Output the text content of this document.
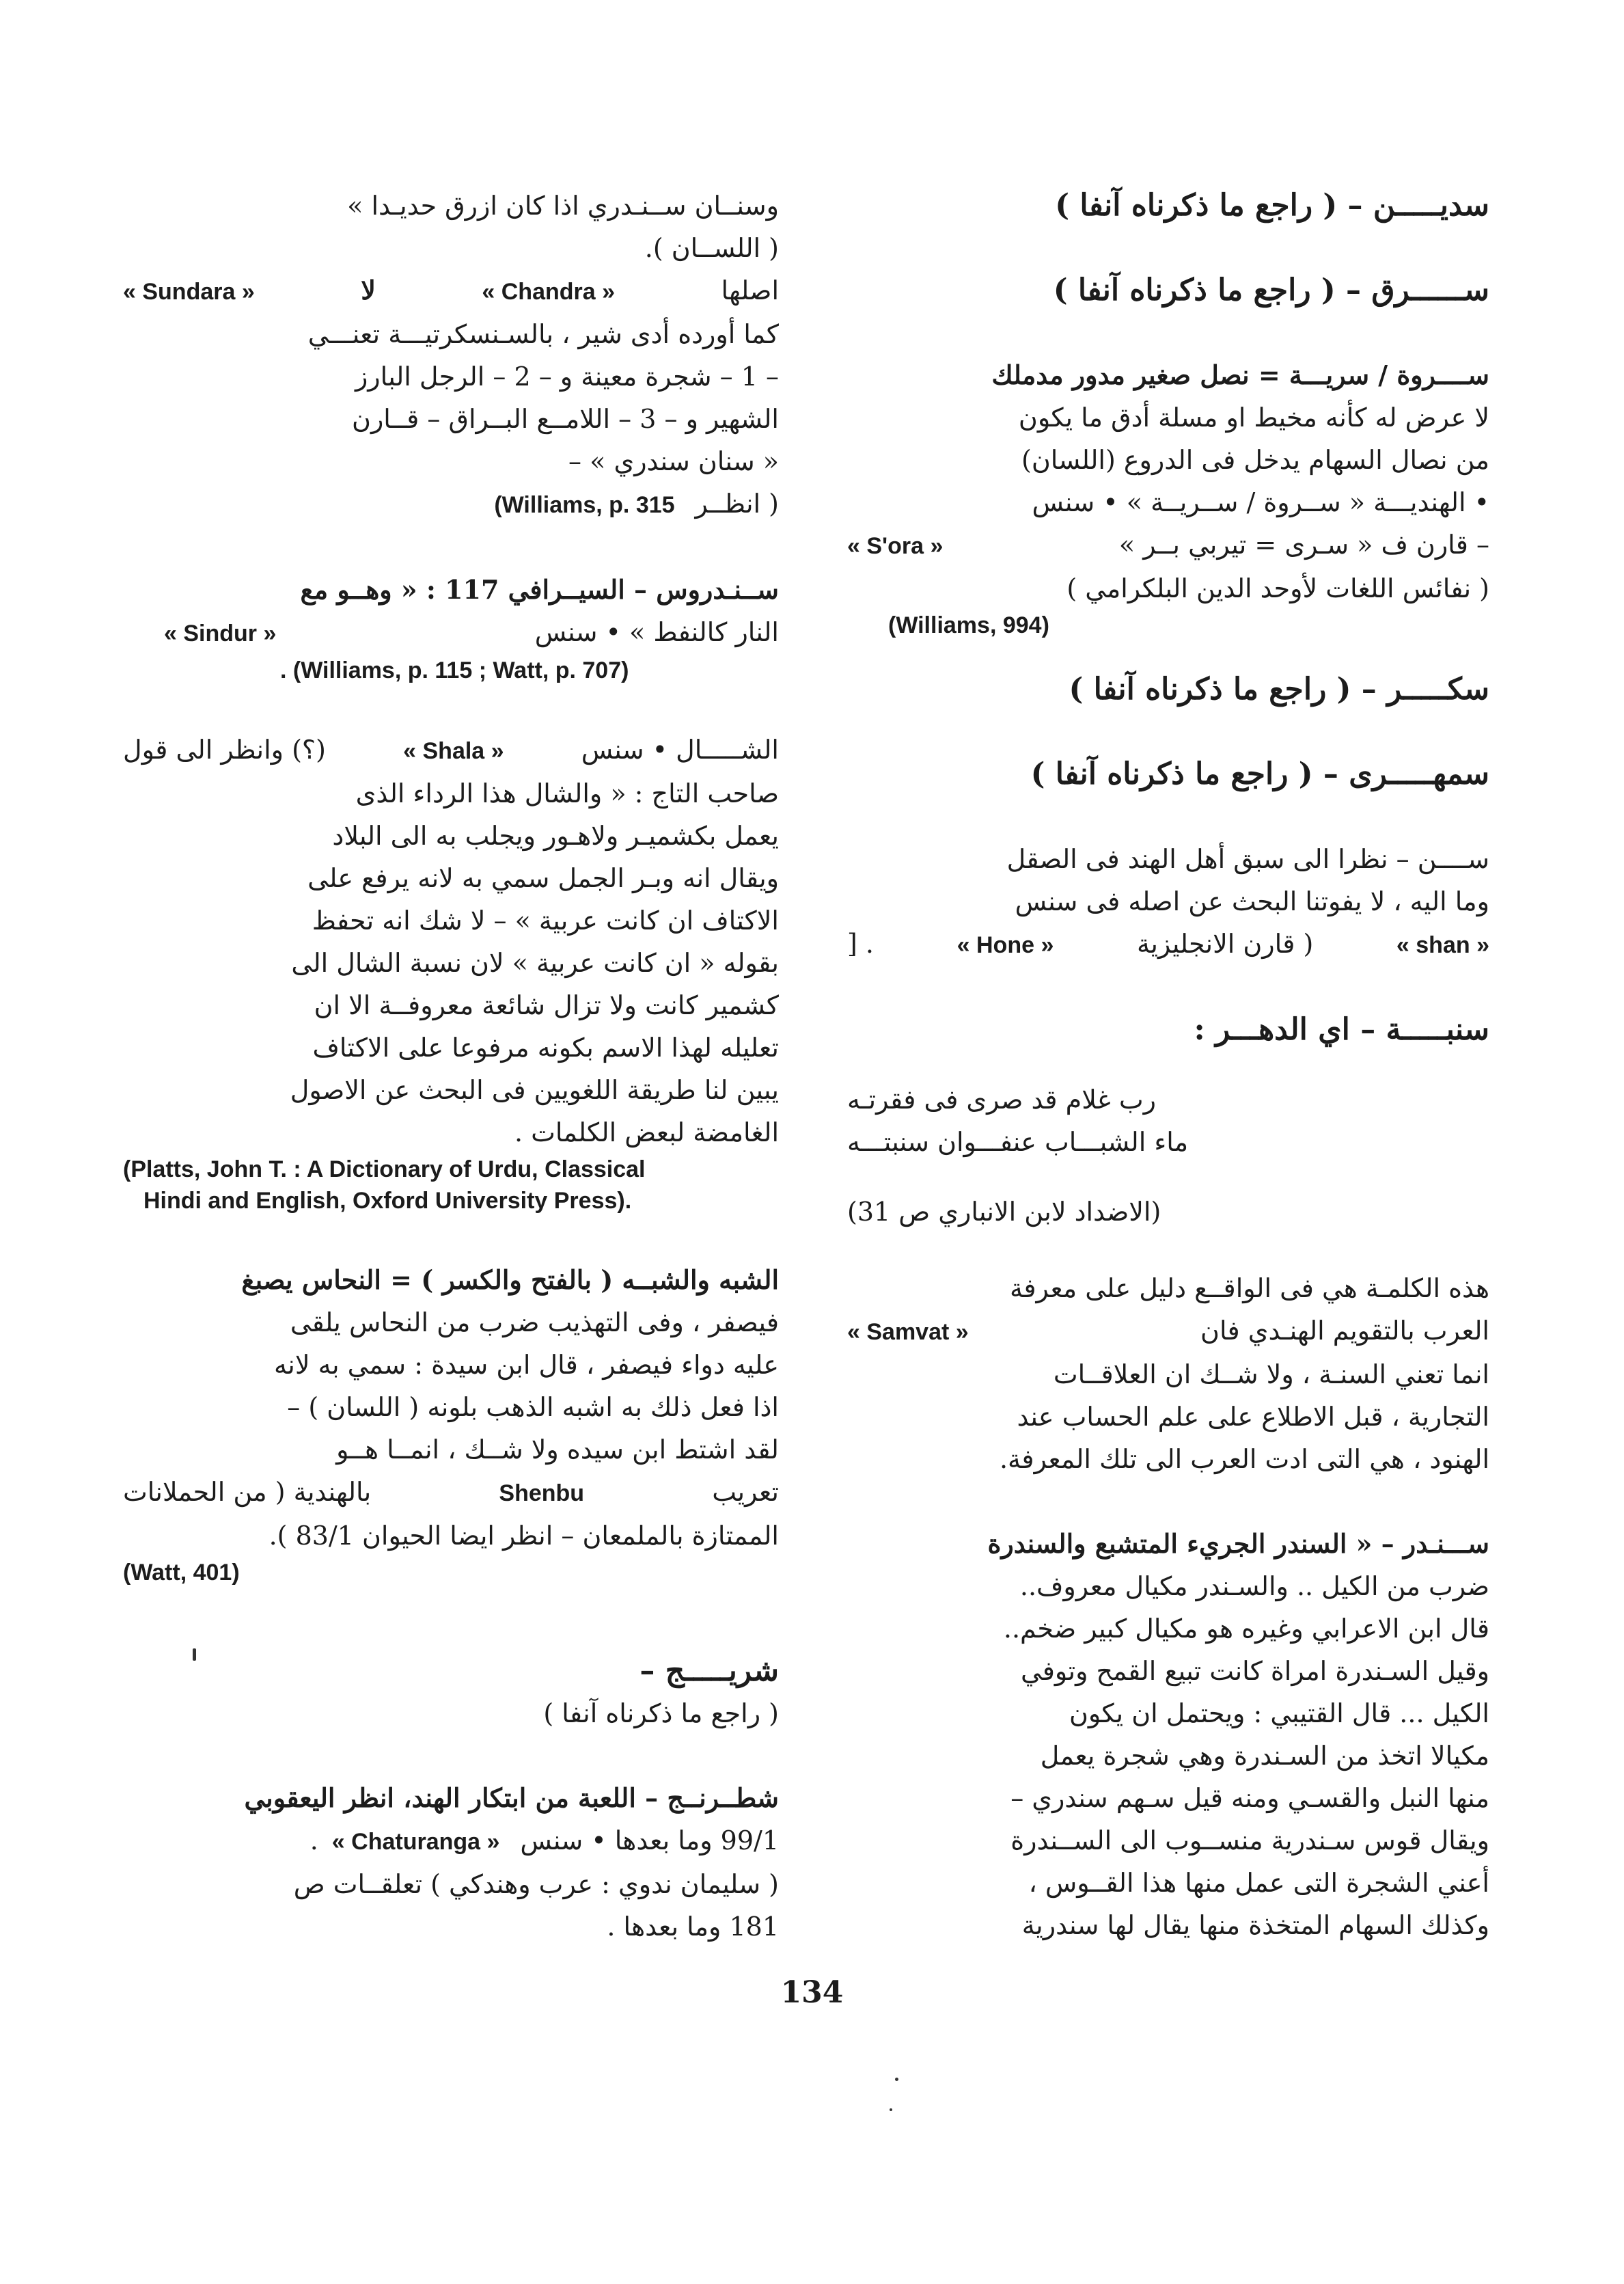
سديـــــن – ( راجع ما ذكرناه آنفا )
ســــــرق – ( راجع ما ذكرناه آنفا )
ســــروة / سريـــة = نصل صغير مدور مدملك
لا عرض له كأنه مخيط او مسلة أدق ما يكون
من نصال السهام يدخل فى الدروع (اللسان)
• الهنديـــة « ســروة / ســريــة » • سنس
– قارن ف « سـرى = تيربي بــر »
« S'ora »
( نفائس اللغات لأوحد الدين البلكرامي )
(Williams, 994)
سكـــــر – ( راجع ما ذكرناه آنفا )
سمهـــــرى – ( راجع ما ذكرناه آنفا )
ســــن – نظرا الى سبق أهل الهند فى الصقل
وما اليه ، لا يفوتنا البحث عن اصله فى سنس
« shan »
( قارن الانجليزية
« Hone »
. [
سنبـــــة – اي الدهـــر :
رب غلام قد صرى فى فقرتـه
ماء الشبـــاب عنفـــوان سنبتـــه
(الاضداد لابن الانباري ص 31)
هذه الكلمـة هي فى الواقــع دليل على معرفة
العرب بالتقويم الهنـدي فان
« Samvat »
انما تعني السنـة ، ولا شــك ان العلاقــات
التجارية ، قبل الاطلاع على علم الحساب عند
الهنود ، هي التى ادت العرب الى تلك المعرفة.
ســـنـدر – « السندر الجريء المتشبع والسندرة
ضرب من الكيل .. والسـندر مكيال معروف..
قال ابن الاعرابي وغيره هو مكيال كبير ضخم..
وقيل السـندرة امراة كانت تبيع القمح وتوفي
الكيل ... قال القتيبي : ويحتمل ان يكون
مكيالا اتخذ من السـندرة وهي شجرة يعمل
منها النبل والقسـي ومنه قيل سـهم سندري –
ويقال قوس سـندرية منســوب الى الســندرة
أعني الشجرة التى عمل منها هذا القــوس ،
وكذلك السهام المتخذة منها يقال لها سندرية
وسنــان ســنـدري اذا كان ازرق حديـدا »
( اللســان ).
اصلها
« Chandra »
لا
« Sundara »
كما أورده أدى شير ، بالسـنسكرتيـــة تعنـــي
– 1 – شجرة معينة و – 2 – الرجل البارز
الشهير و – 3 – اللامــع البــراق – قــارن
« سنان سندري » –
( انظــر
(Williams, p. 315
ســنـدروس – السيــرافي 117 : « وهــو مع
النار كالنفط » • سنس
« Sindur »
. (Williams, p. 115 ; Watt, p. 707)
الشـــــال • سنس
« Shala »
(؟) وانظر الى قول
صاحب التاج : « والشال هذا الرداء الذى
يعمل بكشميـر ولاهـور ويجلب به الى البلاد
ويقال انه وبـر الجمل سمي به لانه يرفع على
الاكتاف ان كانت عربية » – لا شك انه تحفظ
بقوله « ان كانت عربية » لان نسبة الشال الى
كشمير كانت ولا تزال شائعة معروفــة الا ان
تعليله لهذا الاسم بكونه مرفوعا على الاكتاف
يبين لنا طريقة اللغويين فى البحث عن الاصول
الغامضة لبعض الكلمات .
(Platts, John T. : A Dictionary of Urdu, Classical
Hindi and English, Oxford University Press).
الشبه والشبــه ( بالفتح والكسر ) = النحاس يصبغ
فيصفر ، وفى التهذيب ضرب من النحاس يلقى
عليه دواء فيصفر ، قال ابن سيدة : سمي به لانه
اذا فعل ذلك به اشبه الذهب بلونه ( اللسان ) –
لقد اشتط ابن سيده ولا شــك ، انمــا هــو
تعريب
Shenbu
بالهندية ( من الحملانات
الممتازة بالملمعان – انظر ايضا الحيوان 83/1 ).
(Watt, 401)
شريـــــج –
( راجع ما ذكرناه آنفا )
شطــرنــج – اللعبة من ابتكار الهند، انظر اليعقوبي
99/1 وما بعدها • سنس
« Chaturanga »
.
( سليمان ندوي : عرب وهندكي ) تعلقــات ص
181 وما بعدها .
134
